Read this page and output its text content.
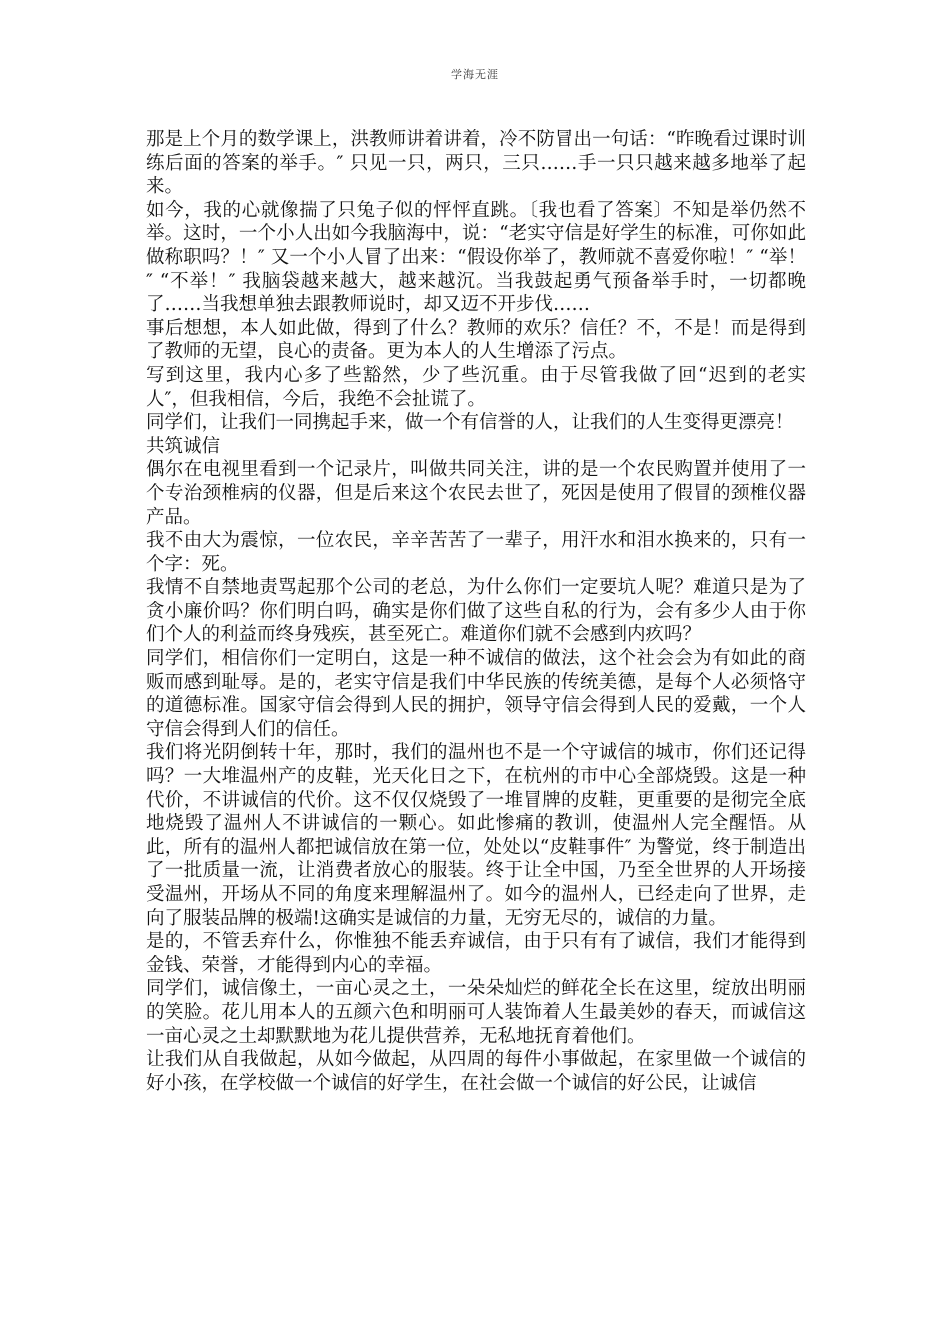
学海无涯

那是上个月的数学课上，洪教师讲着讲着，冷不防冒出一句话：“昨晚看过课时训练后面的答案的举手。″ 只见一只，两只，三只……手一只只越来越多地举了起来。

如今，我的心就像揣了只兔子似的怦怦直跳。〔我也看了答案〕不知是举仍然不举。这时，一个小人出如今我脑海中，说：“老实守信是好学生的标准，可你如此做称职吗？！″ 又一个小人冒了出来：“假设你举了，教师就不喜爱你啦！″ “举！″ “不举！″ 我脑袋越来越大，越来越沉。当我鼓起勇气预备举手时，一切都晚了……当我想单独去跟教师说时，却又迈不开步伐……

事后想想，本人如此做，得到了什么？教师的欢乐？信任？不，不是！而是得到了教师的无望，良心的责备。更为本人的人生增添了污点。

写到这里，我内心多了些豁然，少了些沉重。由于尽管我做了回“迟到的老实人″，但我相信，今后，我绝不会扯谎了。

同学们，让我们一同携起手来，做一个有信誉的人，让我们的人生变得更漂亮！

共筑诚信

偶尔在电视里看到一个记录片，叫做共同关注，讲的是一个农民购置并使用了一个专治颈椎病的仪器，但是后来这个农民去世了，死因是使用了假冒的颈椎仪器产品。

我不由大为震惊，一位农民，辛辛苦苦了一辈子，用汗水和泪水换来的，只有一个字：死。

我情不自禁地责骂起那个公司的老总，为什么你们一定要坑人呢？难道只是为了贪小廉价吗？你们明白吗，确实是你们做了这些自私的行为，会有多少人由于你们个人的利益而终身残疾，甚至死亡。难道你们就不会感到内疚吗？

同学们，相信你们一定明白，这是一种不诚信的做法，这个社会会为有如此的商贩而感到耻辱。是的，老实守信是我们中华民族的传统美德，是每个人必须恪守的道德标准。国家守信会得到人民的拥护，领导守信会得到人民的爱戴，一个人守信会得到人们的信任。

我们将光阴倒转十年，那时，我们的温州也不是一个守诚信的城市，你们还记得吗？一大堆温州产的皮鞋，光天化日之下，在杭州的市中心全部烧毁。这是一种代价，不讲诚信的代价。这不仅仅烧毁了一堆冒牌的皮鞋，更重要的是彻完全底地烧毁了温州人不讲诚信的一颗心。如此惨痛的教训，使温州人完全醒悟。从此，所有的温州人都把诚信放在第一位，处处以“皮鞋事件″ 为警觉，终于制造出了一批质量一流，让消费者放心的服装。终于让全中国，乃至全世界的人开场接受温州，开场从不同的角度来理解温州了。如今的温州人，已经走向了世界，走向了服装品牌的极端!这确实是诚信的力量，无穷无尽的，诚信的力量。

是的，不管丢弃什么，你惟独不能丢弃诚信，由于只有有了诚信，我们才能得到金钱、荣誉，才能得到内心的幸福。

同学们，诚信像土，一亩心灵之土，一朵朵灿烂的鲜花全长在这里，绽放出明丽的笑脸。花儿用本人的五颜六色和明丽可人装饰着人生最美妙的春天，而诚信这一亩心灵之土却默默地为花儿提供营养，无私地抚育着他们。

让我们从自我做起，从如今做起，从四周的每件小事做起，在家里做一个诚信的好小孩，在学校做一个诚信的好学生，在社会做一个诚信的好公民，让诚信
